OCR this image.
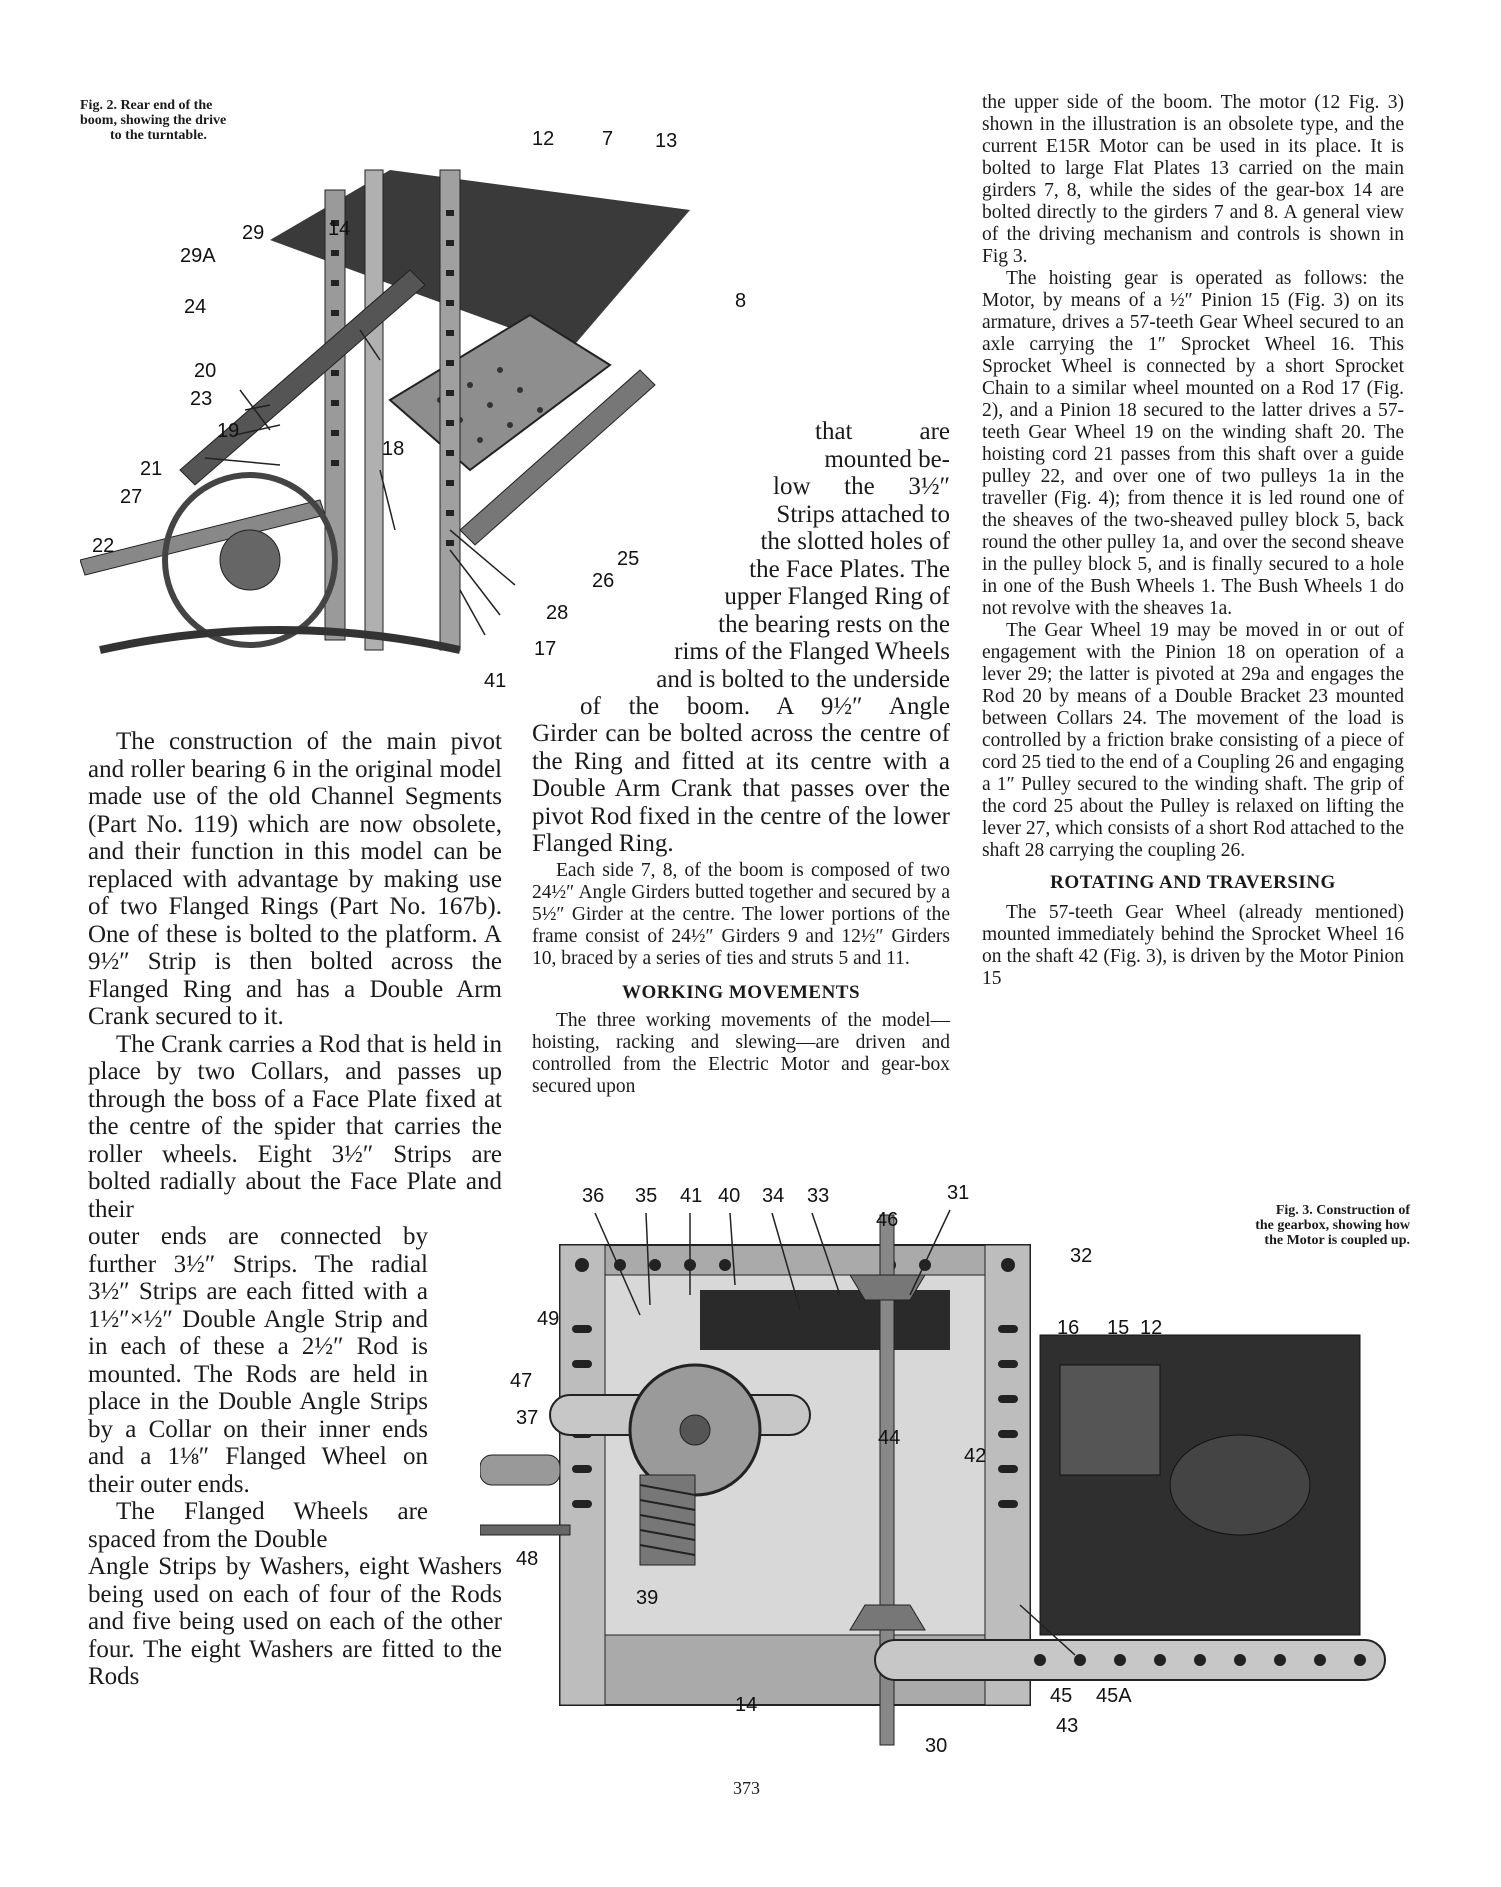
Fig. 2. Rear end of the
boom, showing the drive
to the turntable.	12 7 13
29	14
29A
24	8
20
23
19
18
21
27
22
25
26
28
17
41

The construction of the main pivot and roller bearing 6 in the original model made use of the old Channel Segments (Part No. 119) which are now obsolete, and their function in this model can be replaced with advantage by making use of two Flanged Rings (Part No. 167b). One of these is bolted to the platform. A 9½″ Strip is then bolted across the Flanged Ring and has a Double Arm Crank secured to it.

The Crank carries a Rod that is held in place by two Collars, and passes up through the boss of a Face Plate fixed at the centre of the spider that carries the roller wheels. Eight 3½″ Strips are bolted radially about the Face Plate and their

outer ends are connected by further 3½″ Strips. The radial 3½″ Strips are each fitted with a 1½″×½″ Double Angle Strip and in each of these a 2½″ Rod is mounted. The Rods are held in place in the Double Angle Strips by a Collar on their inner ends and a 1⅛″ Flanged Wheel on their outer ends.

The Flanged Wheels are spaced from the Double

Angle Strips by Washers, eight Washers being used on each of four of the Rods and five being used on each of the other four. The eight Washers are fitted to the Rods

that are
mounted be-
low the 3½″
Strips attached to
the slotted holes of
the Face Plates. The
upper Flanged Ring of
the bearing rests on the
rims of the Flanged Wheels
and is bolted to the underside
of the boom. A 9½″ Angle

Girder can be bolted across the centre of the Ring and fitted at its centre with a Double Arm Crank that passes over the pivot Rod fixed in the centre of the lower Flanged Ring.

Each side 7, 8, of the boom is composed of two 24½″ Angle Girders butted together and secured by a 5½″ Girder at the centre. The lower portions of the frame consist of 24½″ Girders 9 and 12½″ Girders 10, braced by a series of ties and struts 5 and 11.

WORKING MOVEMENTS

The three working movements of the model—hoisting, racking and slewing—are driven and controlled from the Electric Motor and gear-box secured upon

the upper side of the boom. The motor (12 Fig. 3) shown in the illustration is an obsolete type, and the current E15R Motor can be used in its place. It is bolted to large Flat Plates 13 carried on the main girders 7, 8, while the sides of the gear-box 14 are bolted directly to the girders 7 and 8. A general view of the driving mechanism and controls is shown in Fig 3.

The hoisting gear is operated as follows: the Motor, by means of a ½″ Pinion 15 (Fig. 3) on its armature, drives a 57-teeth Gear Wheel secured to an axle carrying the 1″ Sprocket Wheel 16. This Sprocket Wheel is connected by a short Sprocket Chain to a similar wheel mounted on a Rod 17 (Fig. 2), and a Pinion 18 secured to the latter drives a 57-teeth Gear Wheel 19 on the winding shaft 20. The hoisting cord 21 passes from this shaft over a guide pulley 22, and over one of two pulleys 1a in the traveller (Fig. 4); from thence it is led round one of the sheaves of the two-sheaved pulley block 5, back round the other pulley 1a, and over the second sheave in the pulley block 5, and is finally secured to a hole in one of the Bush Wheels 1. The Bush Wheels 1 do not revolve with the sheaves 1a.

The Gear Wheel 19 may be moved in or out of engagement with the Pinion 18 on operation of a lever 29; the latter is pivoted at 29a and engages the Rod 20 by means of a Double Bracket 23 mounted between Collars 24. The movement of the load is controlled by a friction brake consisting of a piece of cord 25 tied to the end of a Coupling 26 and engaging a 1″ Pulley secured to the winding shaft. The grip of the cord 25 about the Pulley is relaxed on lifting the lever 27, which consists of a short Rod attached to the shaft 28 carrying the coupling 26.

ROTATING AND TRAVERSING

The 57-teeth Gear Wheel (already mentioned) mounted immediately behind the Sprocket Wheel 16 on the shaft 42 (Fig. 3), is driven by the Motor Pinion 15

Fig. 3. Construction of
the gearbox, showing how
the Motor is coupled up.
36 35 41 40 34 33	31
46
32
49	16 15 12
47
37
44
42
48
39
45 45A
14
43
30
373
